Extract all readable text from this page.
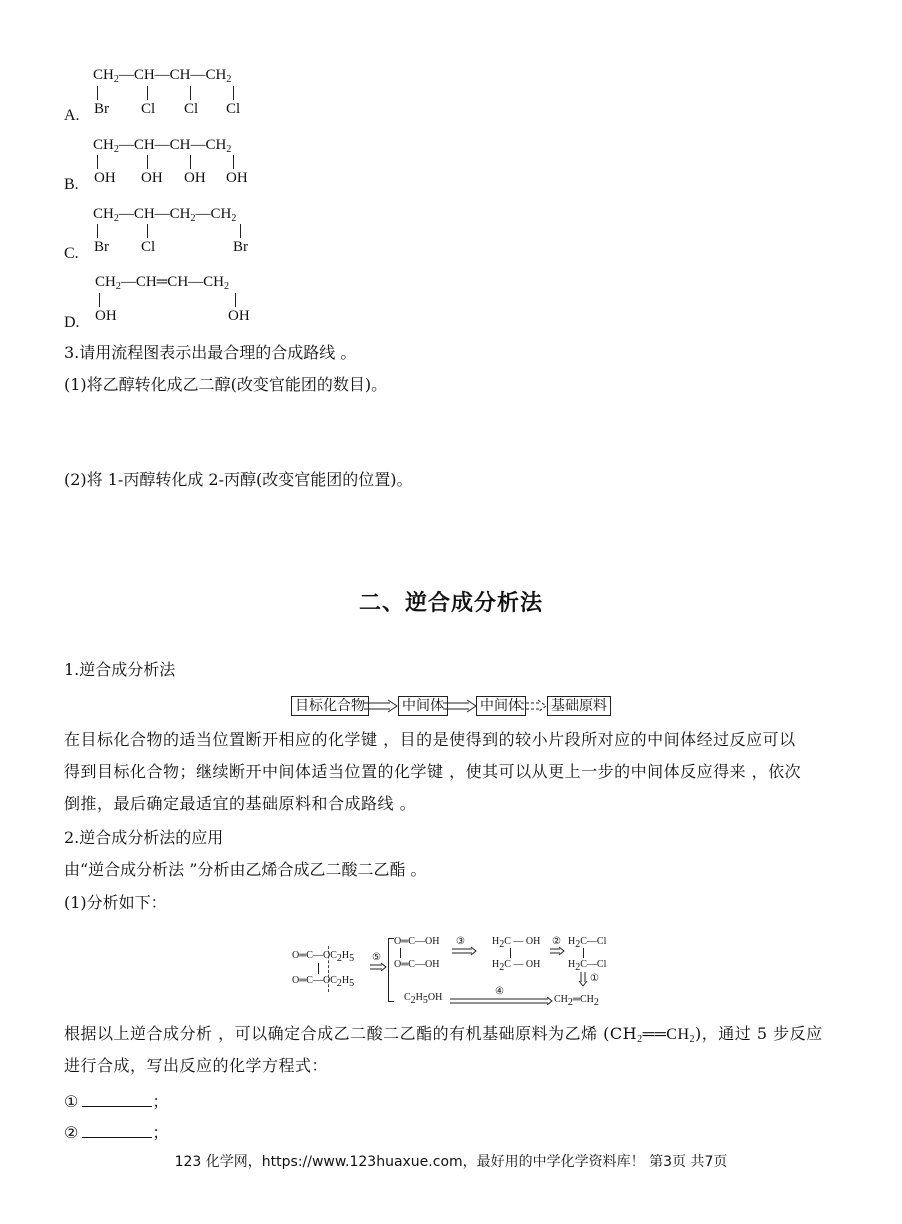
$CH_2—CH—CH—CH_2$
Br Cl Cl Cl
A.
$CH_2—CH—CH—CH_2$
OH OH OH OH
B.
$CH_2—CH—CH_2—CH_2$
Br Cl	Br
C.
$CH_2—CH═CH—CH_2$
OH	OH
D.
3.请用流程图表示出最合理的合成路线 。
(1)将乙醇转化成乙二醇(改变官能团的数目)。
(2)将 1-丙醇转化成 2-丙醇(改变官能团的位置)。
二、逆合成分析法
1.逆合成分析法
目标化合物	中间体	中间体 基础原料
在目标化合物的适当位置断开相应的化学键 ，目的是使得到的较小片段所对应的中间体经过反应可以
得到目标化合物；继续断开中间体适当位置的化学键 ，使其可以从更上一步的中间体反应得来 ，依次
倒推，最后确定最适宜的基础原料和合成路线 。
2.逆合成分析法的应用
由“逆合成分析法 ”分析由乙烯合成乙二酸二乙酯 。
(1)分析如下：
$O═C—OC_2H_5$
$O═C—OC_2H_5$
⑤
O═C—OH
O═C—OH
③	$H_2C$ — OH
$H_2C$ — OH
② $H_2C—Cl$
$H_2C—Cl$
①
$C_2H_5OH$
④
$CH_2═CH_2$
根据以上逆合成分析 ，可以确定合成乙二酸二乙酯的有机基础原料为乙烯 $(CH_2══CH_2)$，通过 5 步反应
进行合成，写出反应的化学方程式：
①	；
②	；
123 化学网，https://www.123huaxue.com，最好用的中学化学资料库！ 第3页 共7页
